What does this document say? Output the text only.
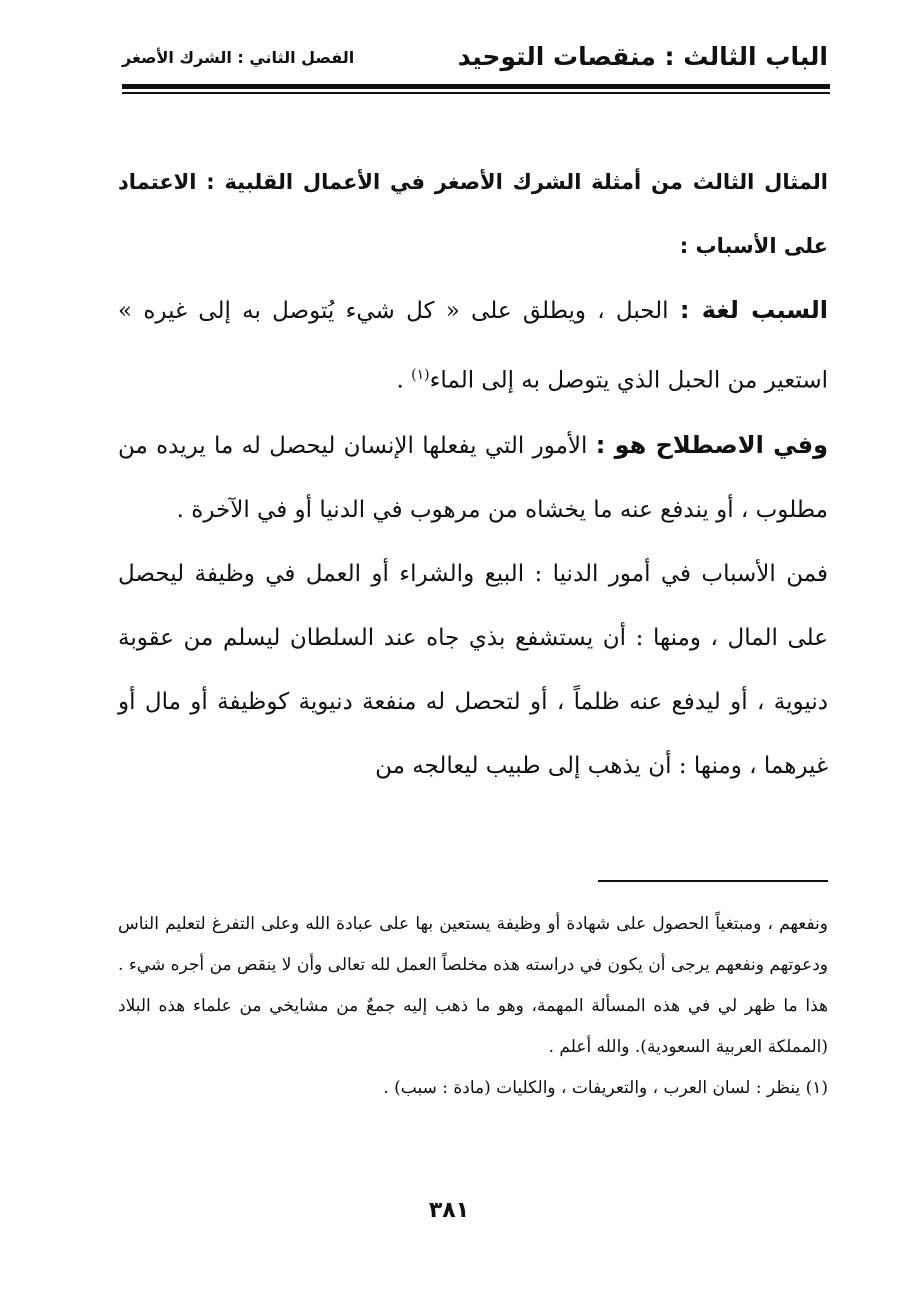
الباب الثالث : منقصات التوحيد
الفصل الثاني : الشرك الأصغر

المثال الثالث من أمثلة الشرك الأصغر في الأعمال القلبية : الاعتماد على الأسباب :

السبب لغة : الحبل ، ويطلق على « كل شيء يُتوصل به إلى غيره » استعير من الحبل الذي يتوصل به إلى الماء$^{(١)}$ .

وفي الاصطلاح هو : الأمور التي يفعلها الإنسان ليحصل له ما يريده من مطلوب ، أو يندفع عنه ما يخشاه من مرهوب في الدنيا أو في الآخرة .

فمن الأسباب في أمور الدنيا : البيع والشراء أو العمل في وظيفة ليحصل على المال ، ومنها : أن يستشفع بذي جاه عند السلطان ليسلم من عقوبة دنيوية ، أو ليدفع عنه ظلماً ، أو لتحصل له منفعة دنيوية كوظيفة أو مال أو غيرهما ، ومنها : أن يذهب إلى طبيب ليعالجه من

ونفعهم ، ومبتغياً الحصول على شهادة أو وظيفة يستعين بها على عبادة الله وعلى التفرغ لتعليم الناس ودعوتهم ونفعهم يرجى أن يكون في دراسته هذه مخلصاً العمل لله تعالى وأن لا ينقص من أجره شيء . هذا ما ظهر لي في هذه المسألة المهمة، وهو ما ذهب إليه جمعٌ من مشايخي من علماء هذه البلاد (المملكة العربية السعودية). والله أعلم .

(١) ينظر : لسان العرب ، والتعريفات ، والكليات (مادة : سبب) .

٣٨١
